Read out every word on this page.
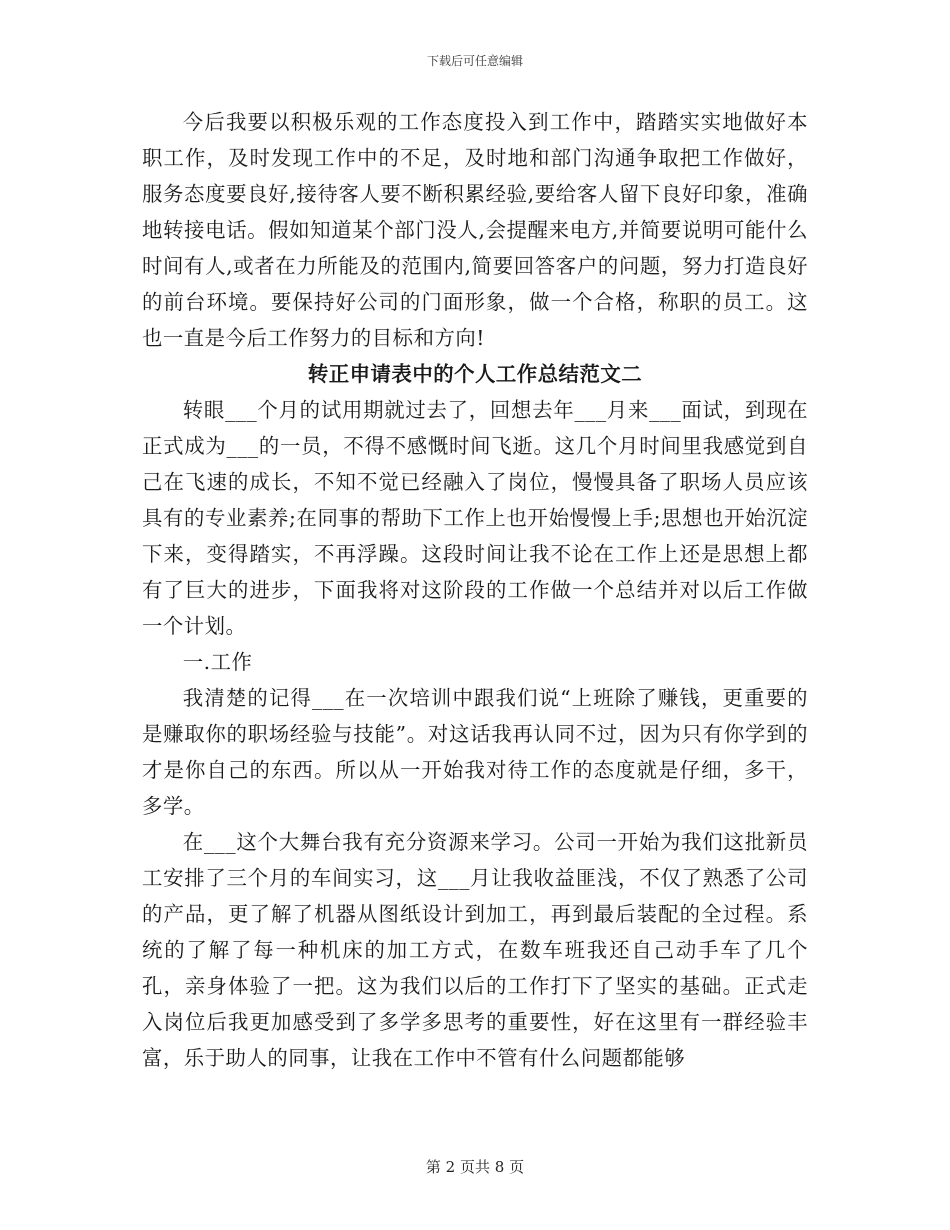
下载后可任意编辑

今后我要以积极乐观的工作态度投入到工作中，踏踏实实地做好本职工作，及时发现工作中的不足，及时地和部门沟通争取把工作做好，服务态度要良好,接待客人要不断积累经验,要给客人留下良好印象，准确地转接电话。假如知道某个部门没人,会提醒来电方,并简要说明可能什么时间有人,或者在力所能及的范围内,简要回答客户的问题，努力打造良好的前台环境。要保持好公司的门面形象，做一个合格，称职的员工。这也一直是今后工作努力的目标和方向!

转正申请表中的个人工作总结范文二

转眼___个月的试用期就过去了，回想去年___月来___面试，到现在正式成为___的一员，不得不感慨时间飞逝。这几个月时间里我感觉到自己在飞速的成长，不知不觉已经融入了岗位，慢慢具备了职场人员应该具有的专业素养;在同事的帮助下工作上也开始慢慢上手;思想也开始沉淀下来，变得踏实，不再浮躁。这段时间让我不论在工作上还是思想上都有了巨大的进步，下面我将对这阶段的工作做一个总结并对以后工作做一个计划。

一.工作

我清楚的记得___在一次培训中跟我们说“上班除了赚钱，更重要的是赚取你的职场经验与技能”。对这话我再认同不过，因为只有你学到的才是你自己的东西。所以从一开始我对待工作的态度就是仔细，多干，多学。

在___这个大舞台我有充分资源来学习。公司一开始为我们这批新员工安排了三个月的车间实习，这___月让我收益匪浅，不仅了熟悉了公司的产品，更了解了机器从图纸设计到加工，再到最后装配的全过程。系统的了解了每一种机床的加工方式，在数车班我还自己动手车了几个孔，亲身体验了一把。这为我们以后的工作打下了坚实的基础。正式走入岗位后我更加感受到了多学多思考的重要性，好在这里有一群经验丰富，乐于助人的同事，让我在工作中不管有什么问题都能够

第 2 页共 8 页
